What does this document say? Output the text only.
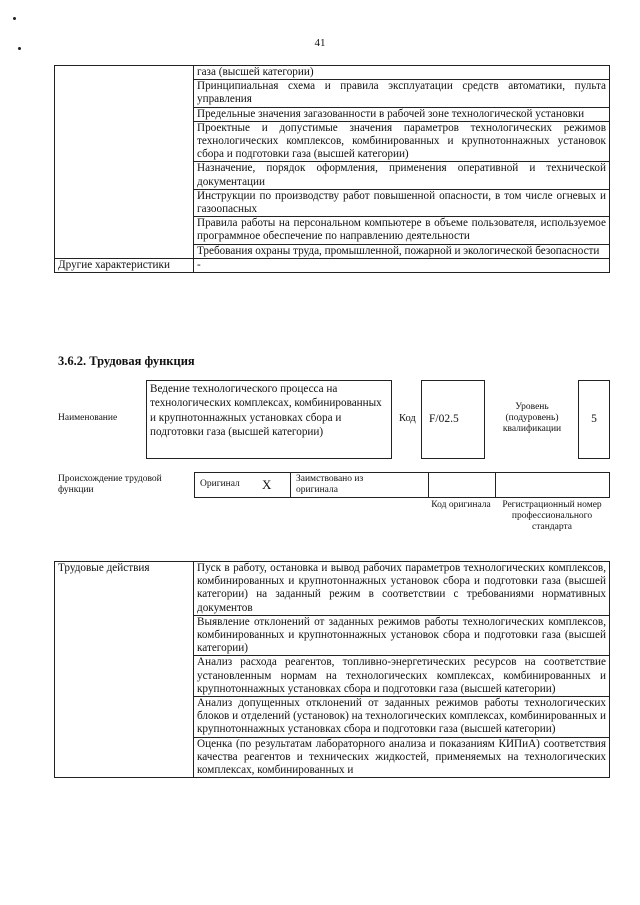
41
	газа (высшей категории)
	Принципиальная схема и правила эксплуатации средств автоматики, пульта управления
	Предельные значения загазованности в рабочей зоне технологической установки
	Проектные и допустимые значения параметров технологических режимов технологических комплексов, комбинированных и крупнотоннажных установок сбора и подготовки газа (высшей категории)
	Назначение, порядок оформления, применения оперативной и технической документации
	Инструкции по производству работ повышенной опасности, в том числе огневых и газоопасных
	Правила работы на персональном компьютере в объеме пользователя, используемое программное обеспечение по направлению деятельности
	Требования охраны труда, промышленной, пожарной и экологической безопасности
Другие характеристики	-
3.6.2. Трудовая функция
Наименование
Ведение технологического процесса на технологических комплексах, комбинированных и крупнотоннажных установках сбора и подготовки газа (высшей категории)
Код F/02.5
Уровень (подуровень) квалификации
5
Происхождение трудовой функции
Оригинал X	Заимствовано из оригинала
Код оригинала Регистрационный номер профессионального стандарта
Трудовые действия	Пуск в работу, остановка и вывод рабочих параметров технологических комплексов, комбинированных и крупнотоннажных установок сбора и подготовки газа (высшей категории) на заданный режим в соответствии с требованиями нормативных документов
Выявление отклонений от заданных режимов работы технологических комплексов, комбинированных и крупнотоннажных установок сбора и подготовки газа (высшей категории)
Анализ расхода реагентов, топливно-энергетических ресурсов на соответствие установленным нормам на технологических комплексах, комбинированных и крупнотоннажных установках сбора и подготовки газа (высшей категории)
Анализ допущенных отклонений от заданных режимов работы технологических блоков и отделений (установок) на технологических комплексах, комбинированных и крупнотоннажных установках сбора и подготовки газа (высшей категории)
Оценка (по результатам лабораторного анализа и показаниям КИПиА) соответствия качества реагентов и технических жидкостей, применяемых на технологических комплексах, комбинированных и
